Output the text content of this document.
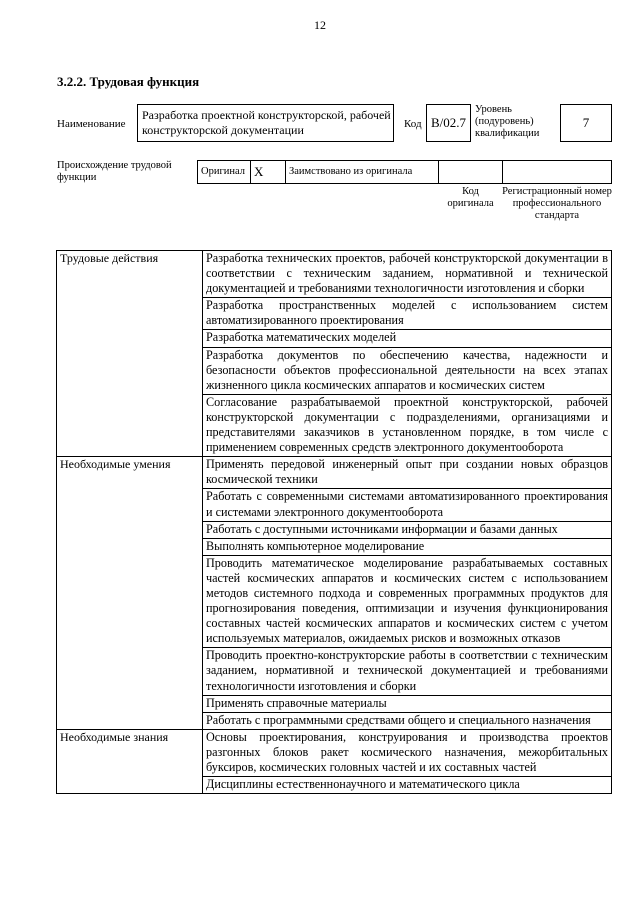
12
3.2.2. Трудовая функция
Наименование
Разработка проектной конструкторской, рабочей конструкторской документации	Код B/02.7
Уровень (подуровень) квалификации
7
Происхождение трудовой функции
Оригинал X	Заимствовано из оригинала
Код оригинала
Регистрационный номер профессионального стандарта
Трудовые действия	Разработка технических проектов, рабочей конструкторской документации в соответствии с техническим заданием, нормативной и технической документацией и требованиями технологичности изготовления и сборки
	Разработка пространственных моделей с использованием систем автоматизированного проектирования
	Разработка математических моделей
	Разработка документов по обеспечению качества, надежности и безопасности объектов профессиональной деятельности на всех этапах жизненного цикла космических аппаратов и космических систем
	Согласование разрабатываемой проектной конструкторской, рабочей конструкторской документации с подразделениями, организациями и представителями заказчиков в установленном порядке, в том числе с применением современных средств электронного документооборота
Необходимые умения	Применять передовой инженерный опыт при создании новых образцов космической техники
	Работать с современными системами автоматизированного проектирования и системами электронного документооборота
	Работать с доступными источниками информации и базами данных
	Выполнять компьютерное моделирование
	Проводить математическое моделирование разрабатываемых составных частей космических аппаратов и космических систем с использованием методов системного подхода и современных программных продуктов для прогнозирования поведения, оптимизации и изучения функционирования составных частей космических аппаратов и космических систем с учетом используемых материалов, ожидаемых рисков и возможных отказов
	Проводить проектно-конструкторские работы в соответствии с техническим заданием, нормативной и технической документацией и требованиями технологичности изготовления и сборки
	Применять справочные материалы
	Работать с программными средствами общего и специального назначения
Необходимые знания	Основы проектирования, конструирования и производства проектов разгонных блоков ракет космического назначения, межорбитальных буксиров, космических головных частей и их составных частей
	Дисциплины естественнонаучного и математического цикла
